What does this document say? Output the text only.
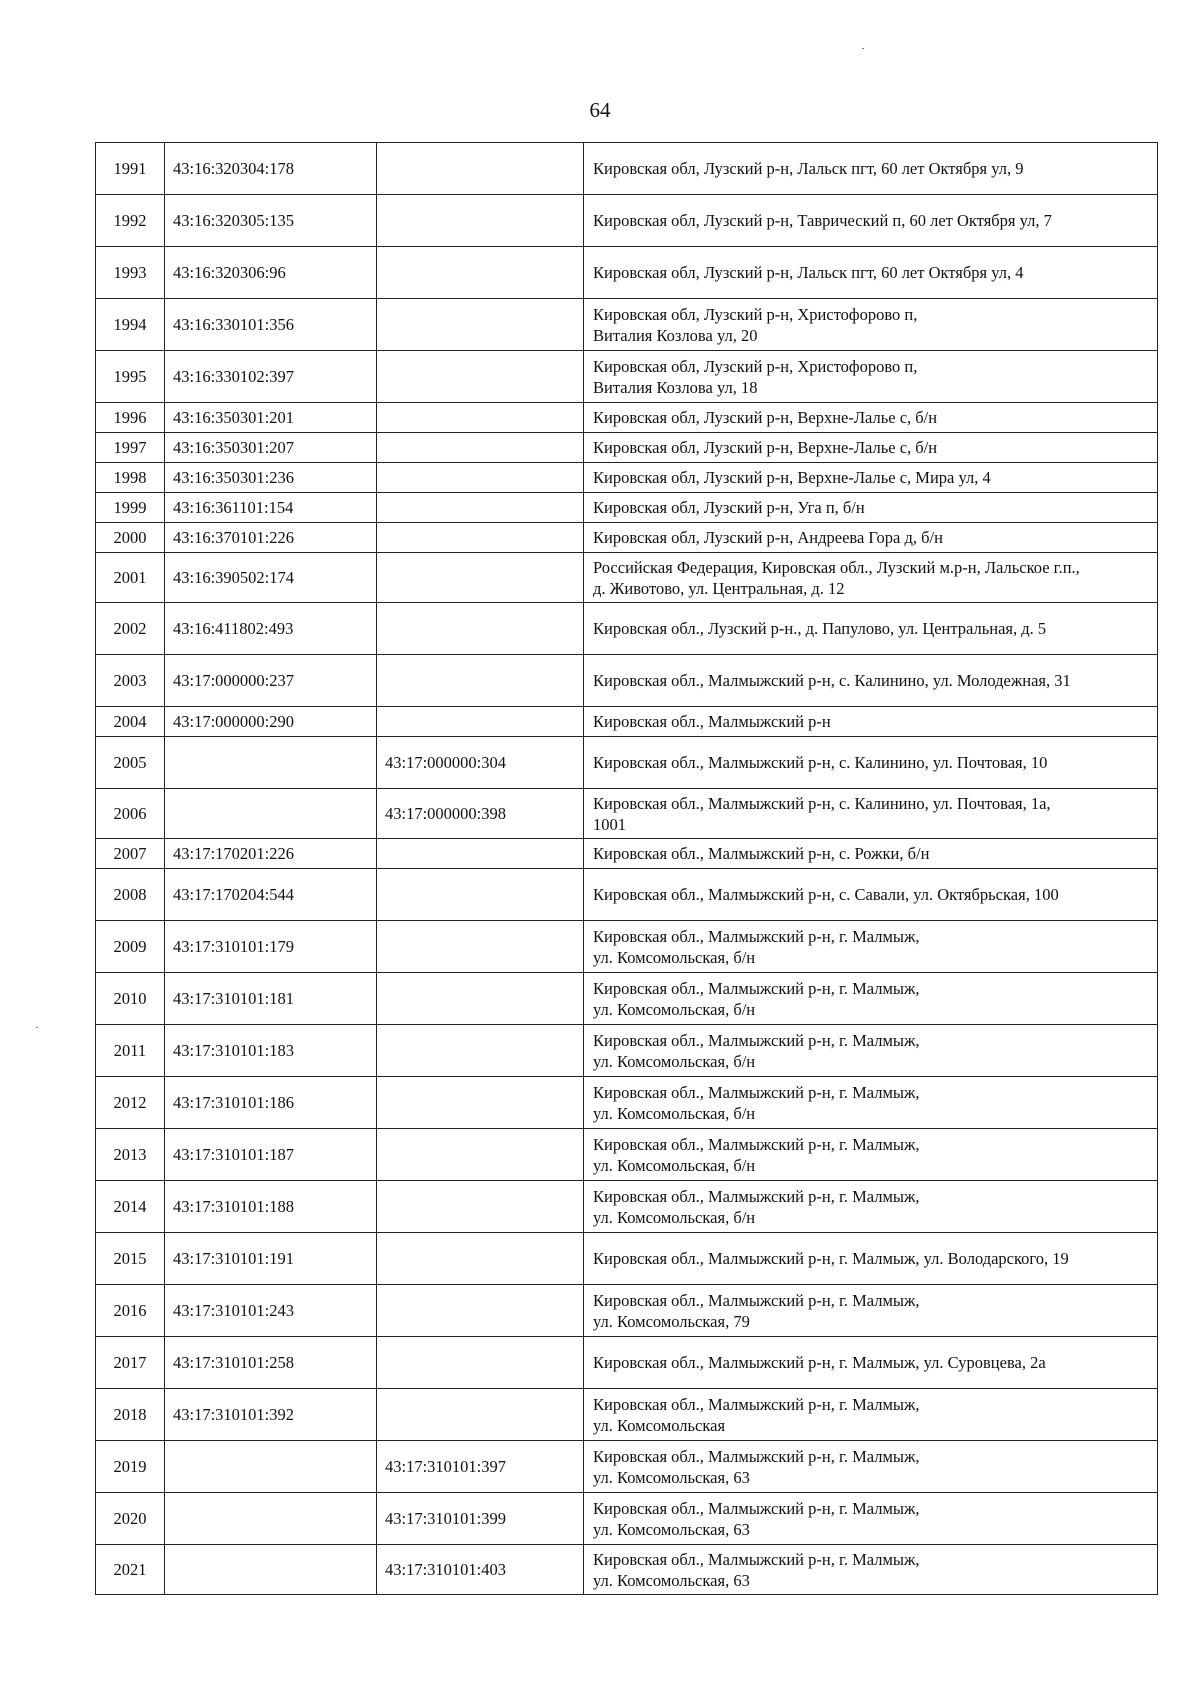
64
1991	43:16:320304:178		Кировская обл, Лузский р-н, Лальск пгт, 60 лет Октября ул, 9

1992	43:16:320305:135		Кировская обл, Лузский р-н, Таврический п, 60 лет Октября ул, 7

1993	43:16:320306:96		Кировская обл, Лузский р-н, Лальск пгт, 60 лет Октября ул, 4

1994	43:16:330101:356		Кировская обл, Лузский р-н, Христофорово п,
Виталия Козлова ул, 20

1995	43:16:330102:397		Кировская обл, Лузский р-н, Христофорово п,
Виталия Козлова ул, 18

1996	43:16:350301:201		Кировская обл, Лузский р-н, Верхне-Лалье с, б/н

1997	43:16:350301:207		Кировская обл, Лузский р-н, Верхне-Лалье с, б/н

1998	43:16:350301:236		Кировская обл, Лузский р-н, Верхне-Лалье с, Мира ул, 4

1999	43:16:361101:154		Кировская обл, Лузский р-н, Уга п, б/н

2000	43:16:370101:226		Кировская обл, Лузский р-н, Андреева Гора д, б/н

2001	43:16:390502:174		Российская Федерация, Кировская обл., Лузский м.р-н, Лальское г.п.,
д. Животово, ул. Центральная, д. 12

2002	43:16:411802:493		Кировская обл., Лузский р-н., д. Папулово, ул. Центральная, д. 5

2003	43:17:000000:237		Кировская обл., Малмыжский р-н, с. Калинино, ул. Молодежная, 31

2004	43:17:000000:290		Кировская обл., Малмыжский р-н

2005		43:17:000000:304	Кировская обл., Малмыжский р-н, с. Калинино, ул. Почтовая, 10

2006		43:17:000000:398	Кировская обл., Малмыжский р-н, с. Калинино, ул. Почтовая, 1а,
1001

2007	43:17:170201:226		Кировская обл., Малмыжский р-н, с. Рожки, б/н

2008	43:17:170204:544		Кировская обл., Малмыжский р-н, с. Савали, ул. Октябрьская, 100

2009	43:17:310101:179		Кировская обл., Малмыжский р-н, г. Малмыж,
ул. Комсомольская, б/н

2010	43:17:310101:181		Кировская обл., Малмыжский р-н, г. Малмыж,
ул. Комсомольская, б/н

2011	43:17:310101:183		Кировская обл., Малмыжский р-н, г. Малмыж,
ул. Комсомольская, б/н

2012	43:17:310101:186		Кировская обл., Малмыжский р-н, г. Малмыж,
ул. Комсомольская, б/н

2013	43:17:310101:187		Кировская обл., Малмыжский р-н, г. Малмыж,
ул. Комсомольская, б/н

2014	43:17:310101:188		Кировская обл., Малмыжский р-н, г. Малмыж,
ул. Комсомольская, б/н

2015	43:17:310101:191		Кировская обл., Малмыжский р-н, г. Малмыж, ул. Володарского, 19

2016	43:17:310101:243		Кировская обл., Малмыжский р-н, г. Малмыж,
ул. Комсомольская, 79

2017	43:17:310101:258		Кировская обл., Малмыжский р-н, г. Малмыж, ул. Суровцева, 2а

2018	43:17:310101:392		Кировская обл., Малмыжский р-н, г. Малмыж,
ул. Комсомольская

2019		43:17:310101:397	Кировская обл., Малмыжский р-н, г. Малмыж,
ул. Комсомольская, 63

2020		43:17:310101:399	Кировская обл., Малмыжский р-н, г. Малмыж,
ул. Комсомольская, 63

2021		43:17:310101:403	Кировская обл., Малмыжский р-н, г. Малмыж,
ул. Комсомольская, 63
